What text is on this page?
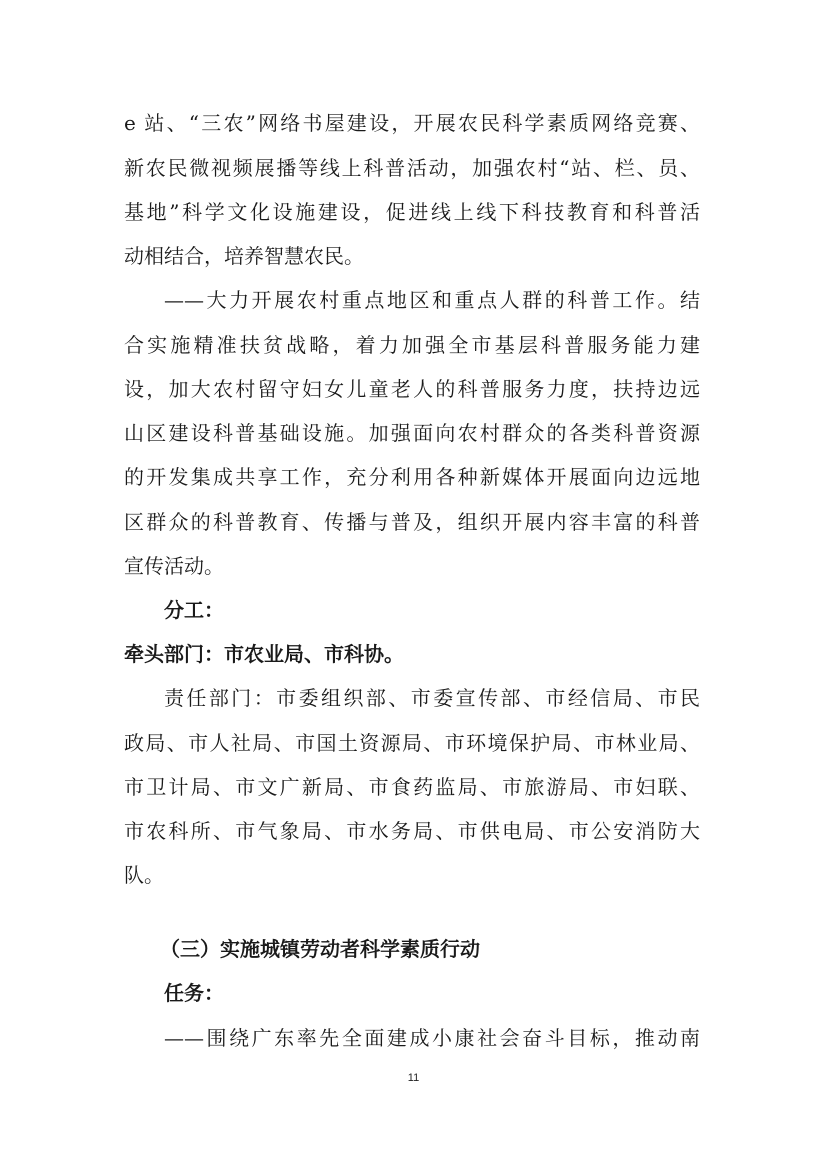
e 站、“三农”网络书屋建设，开展农民科学素质网络竞赛、
新农民微视频展播等线上科普活动，加强农村“站、栏、员、
基地”科学文化设施建设，促进线上线下科技教育和科普活
动相结合，培养智慧农民。
——大力开展农村重点地区和重点人群的科普工作。结
合实施精准扶贫战略，着力加强全市基层科普服务能力建
设，加大农村留守妇女儿童老人的科普服务力度，扶持边远
山区建设科普基础设施。加强面向农村群众的各类科普资源
的开发集成共享工作，充分利用各种新媒体开展面向边远地
区群众的科普教育、传播与普及，组织开展内容丰富的科普
宣传活动。
分工：
牵头部门：市农业局、市科协。
责任部门：市委组织部、市委宣传部、市经信局、市民
政局、市人社局、市国土资源局、市环境保护局、市林业局、
市卫计局、市文广新局、市食药监局、市旅游局、市妇联、
市农科所、市气象局、市水务局、市供电局、市公安消防大
队。
（三）实施城镇劳动者科学素质行动
任务：
——围绕广东率先全面建成小康社会奋斗目标，推动南
11
